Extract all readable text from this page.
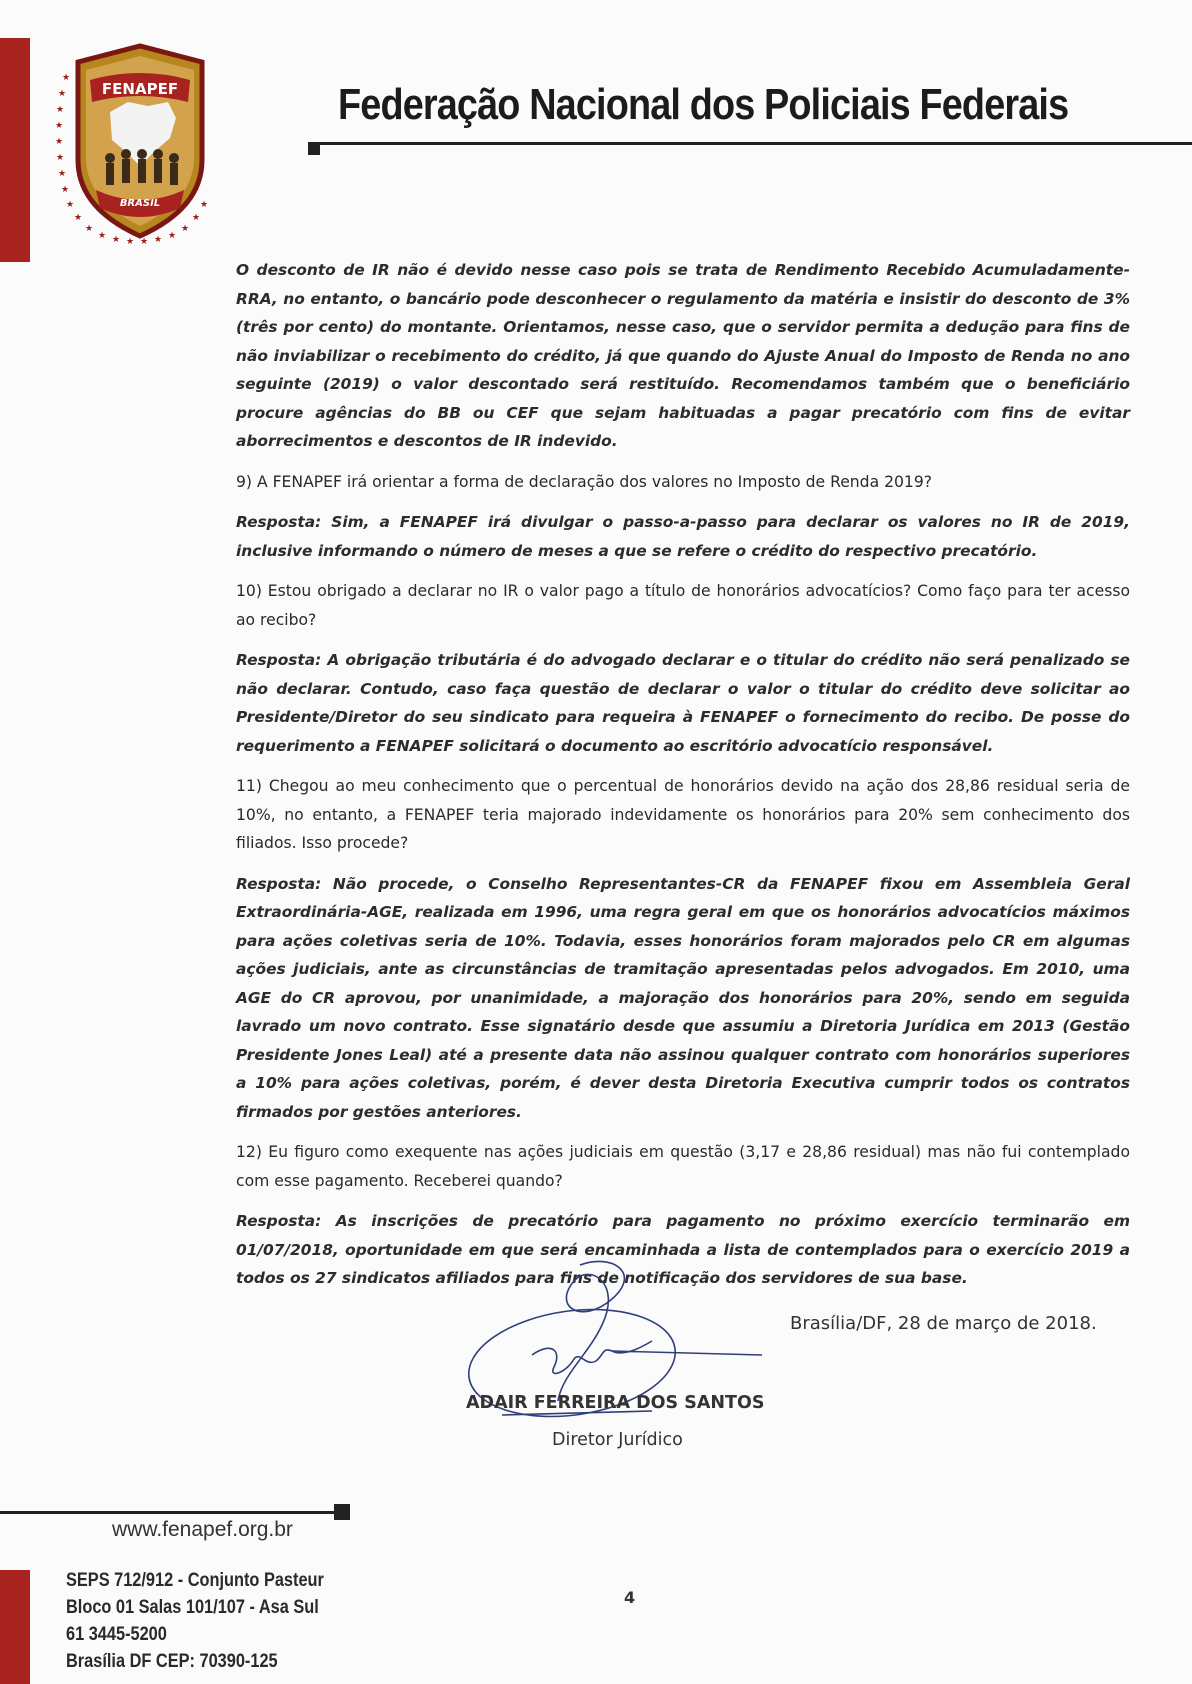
★
★
★
★
★
★
★
★
★
★
★
★ ★ ★ ★ ★ ★
★
★
★
FENAPEF
BRASIL
Federação Nacional dos Policiais Federais

O desconto de IR não é devido nesse caso pois se trata de Rendimento Recebido Acumuladamente-RRA, no entanto, o bancário pode desconhecer o regulamento da matéria e insistir do desconto de 3% (três por cento) do montante. Orientamos, nesse caso, que o servidor permita a dedução para fins de não inviabilizar o recebimento do crédito, já que quando do Ajuste Anual do Imposto de Renda no ano seguinte (2019) o valor descontado será restituído. Recomendamos também que o beneficiário procure agências do BB ou CEF que sejam habituadas a pagar precatório com fins de evitar aborrecimentos e descontos de IR indevido.

9) A FENAPEF irá orientar a forma de declaração dos valores no Imposto de Renda 2019?

Resposta: Sim, a FENAPEF irá divulgar o passo-a-passo para declarar os valores no IR de 2019, inclusive informando o número de meses a que se refere o crédito do respectivo precatório.

10) Estou obrigado a declarar no IR o valor pago a título de honorários advocatícios? Como faço para ter acesso ao recibo?

Resposta: A obrigação tributária é do advogado declarar e o titular do crédito não será penalizado se não declarar. Contudo, caso faça questão de declarar o valor o titular do crédito deve solicitar ao Presidente/Diretor do seu sindicato para requeira à FENAPEF o fornecimento do recibo. De posse do requerimento a FENAPEF solicitará o documento ao escritório advocatício responsável.

11) Chegou ao meu conhecimento que o percentual de honorários devido na ação dos 28,86 residual seria de 10%, no entanto, a FENAPEF teria majorado indevidamente os honorários para 20% sem conhecimento dos filiados. Isso procede?

Resposta: Não procede, o Conselho Representantes-CR da FENAPEF fixou em Assembleia Geral Extraordinária-AGE, realizada em 1996, uma regra geral em que os honorários advocatícios máximos para ações coletivas seria de 10%. Todavia, esses honorários foram majorados pelo CR em algumas ações judiciais, ante as circunstâncias de tramitação apresentadas pelos advogados. Em 2010, uma AGE do CR aprovou, por unanimidade, a majoração dos honorários para 20%, sendo em seguida lavrado um novo contrato. Esse signatário desde que assumiu a Diretoria Jurídica em 2013 (Gestão Presidente Jones Leal) até a presente data não assinou qualquer contrato com honorários superiores a 10% para ações coletivas, porém, é dever desta Diretoria Executiva cumprir todos os contratos firmados por gestões anteriores.

12) Eu figuro como exequente nas ações judiciais em questão (3,17 e 28,86 residual) mas não fui contemplado com esse pagamento. Receberei quando?

Resposta: As inscrições de precatório para pagamento no próximo exercício terminarão em 01/07/2018, oportunidade em que será encaminhada a lista de contemplados para o exercício 2019 a todos os 27 sindicatos afiliados para fins de notificação dos servidores de sua base.

Brasília/DF, 28 de março de 2018.
ADAIR FERREIRA DOS SANTOS
Diretor Jurídico
www.fenapef.org.br
SEPS 712/912 - Conjunto Pasteur
Bloco 01 Salas 101/107 - Asa Sul
61 3445-5200
Brasília DF CEP: 70390-125
4
